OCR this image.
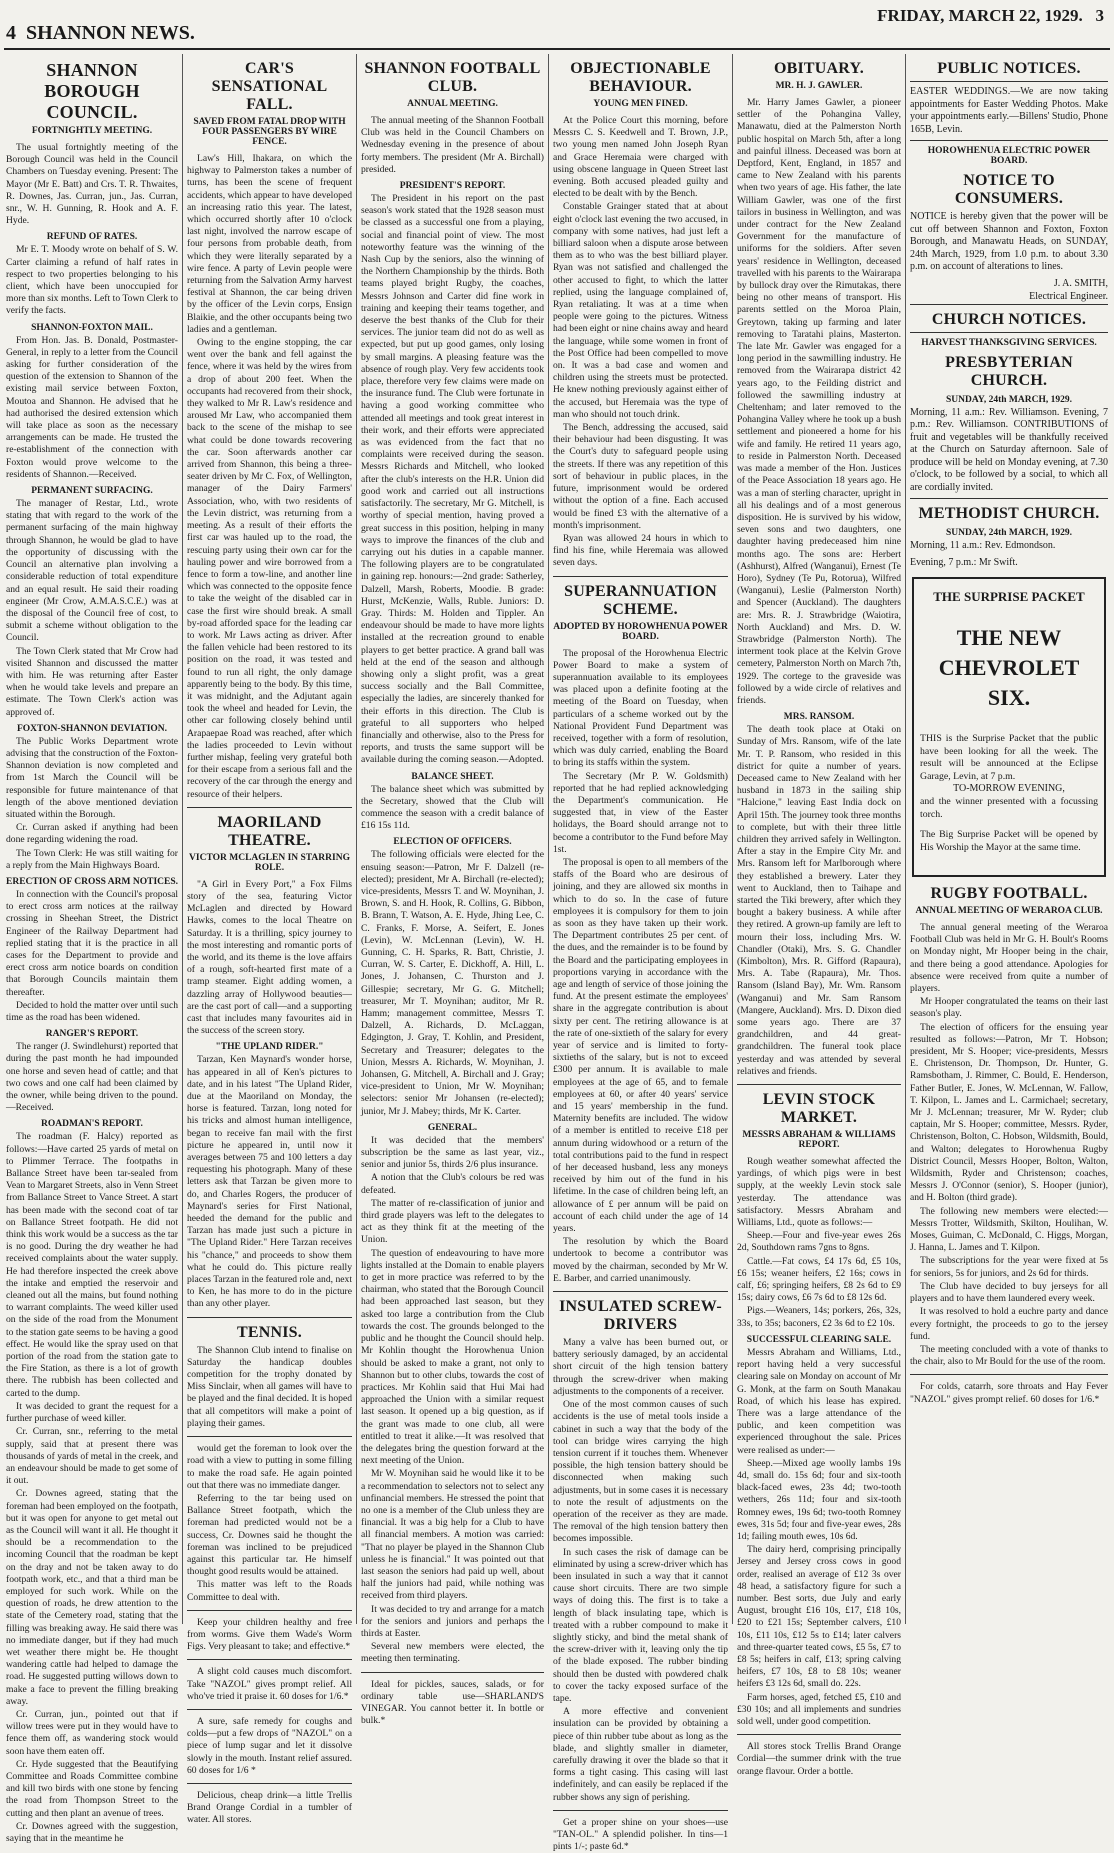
4 SHANNON NEWS.
FRIDAY, MARCH 22, 1929. 3
SHANNON BOROUGH COUNCIL.
FORTNIGHTLY MEETING.

The usual fortnightly meeting of the Borough Council was held in the Council Chambers on Tuesday evening. Present: The Mayor (Mr E. Batt) and Crs. T. R. Thwaites, R. Downes, Jas. Curran, jun., Jas. Curran, snr., W. H. Gunning, R. Hook and A. F. Hyde.

REFUND OF RATES.

Mr E. T. Moody wrote on behalf of S. W. Carter claiming a refund of half rates in respect to two properties belonging to his client, which have been unoccupied for more than six months. Left to Town Clerk to verify the facts.

SHANNON-FOXTON MAIL.

From Hon. Jas. B. Donald, Postmaster-General, in reply to a letter from the Council asking for further consideration of the question of the extension to Shannon of the existing mail service between Foxton, Moutoa and Shannon. He advised that he had authorised the desired extension which will take place as soon as the necessary arrangements can be made. He trusted the re-establishment of the connection with Foxton would prove welcome to the residents of Shannon.—Received.

PERMANENT SURFACING.

The manager of Restar, Ltd., wrote stating that with regard to the work of the permanent surfacing of the main highway through Shannon, he would be glad to have the opportunity of discussing with the Council an alternative plan involving a considerable reduction of total expenditure and an equal result. He said their roading engineer (Mr Crow, A.M.A.S.C.E.) was at the disposal of the Council free of cost, to submit a scheme without obligation to the Council.

The Town Clerk stated that Mr Crow had visited Shannon and discussed the matter with him. He was returning after Easter when he would take levels and prepare an estimate. The Town Clerk's action was approved of.

FOXTON-SHANNON DEVIATION.

The Public Works Department wrote advising that the construction of the Foxton-Shannon deviation is now completed and from 1st March the Council will be responsible for future maintenance of that length of the above mentioned deviation situated within the Borough.

Cr. Curran asked if anything had been done regarding widening the road.

The Town Clerk: He was still waiting for a reply from the Main Highways Board.

ERECTION OF CROSS ARM NOTICES.

In connection with the Council's proposal to erect cross arm notices at the railway crossing in Sheehan Street, the District Engineer of the Railway Department had replied stating that it is the practice in all cases for the Department to provide and erect cross arm notice boards on condition that Borough Councils maintain them thereafter.

Decided to hold the matter over until such time as the road has been widened.

RANGER'S REPORT.

The ranger (J. Swindlehurst) reported that during the past month he had impounded one horse and seven head of cattle; and that two cows and one calf had been claimed by the owner, while being driven to the pound.—Received.

ROADMAN'S REPORT.

The roadman (F. Halcy) reported as follows:—Have carted 25 yards of metal on to Plimmer Terrace. The footpaths in Ballance Street have been tar-sealed from Vean to Margaret Streets, also in Venn Street from Ballance Street to Vance Street. A start has been made with the second coat of tar on Ballance Street footpath. He did not think this work would be a success as the tar is no good. During the dry weather he had received complaints about the water supply. He had therefore inspected the creek above the intake and emptied the reservoir and cleaned out all the mains, but found nothing to warrant complaints. The weed killer used on the side of the road from the Monument to the station gate seems to be having a good effect. He would like the spray used on that portion of the road from the station gate to the Fire Station, as there is a lot of growth there. The rubbish has been collected and carted to the dump.

It was decided to grant the request for a further purchase of weed killer.

Cr. Curran, snr., referring to the metal supply, said that at present there was thousands of yards of metal in the creek, and an endeavour should be made to get some of it out.

Cr. Downes agreed, stating that the foreman had been employed on the footpath, but it was open for anyone to get metal out as the Council will want it all. He thought it should be a recommendation to the incoming Council that the roadman be kept on the dray and not be taken away to do footpath work, etc., and that a third man be employed for such work. While on the question of roads, he drew attention to the state of the Cemetery road, stating that the filling was breaking away. He said there was no immediate danger, but if they had much wet weather there might be. He thought wandering cattle had helped to damage the road. He suggested putting willows down to make a face to prevent the filling breaking away.

Cr. Curran, jun., pointed out that if willow trees were put in they would have to fence them off, as wandering stock would soon have them eaten off.

Cr. Hyde suggested that the Beautifying Committee and Roads Committee combine and kill two birds with one stone by fencing the road from Thompson Street to the cutting and then plant an avenue of trees.

Cr. Downes agreed with the suggestion, saying that in the meantime he

CAR'S SENSATIONAL FALL.
SAVED FROM FATAL DROP WITH FOUR PASSENGERS BY WIRE FENCE.

Law's Hill, Ihakara, on which the highway to Palmerston takes a number of turns, has been the scene of frequent accidents, which appear to have developed an increasing ratio this year. The latest, which occurred shortly after 10 o'clock last night, involved the narrow escape of four persons from probable death, from which they were literally separated by a wire fence. A party of Levin people were returning from the Salvation Army harvest festival at Shannon, the car being driven by the officer of the Levin corps, Ensign Blaikie, and the other occupants being two ladies and a gentleman.

Owing to the engine stopping, the car went over the bank and fell against the fence, where it was held by the wires from a drop of about 200 feet. When the occupants had recovered from their shock, they walked to Mr R. Law's residence and aroused Mr Law, who accompanied them back to the scene of the mishap to see what could be done towards recovering the car. Soon afterwards another car arrived from Shannon, this being a three-seater driven by Mr C. Fox, of Wellington, manager of the Dairy Farmers' Association, who, with two residents of the Levin district, was returning from a meeting. As a result of their efforts the first car was hauled up to the road, the rescuing party using their own car for the hauling power and wire borrowed from a fence to form a tow-line, and another line which was connected to the opposite fence to take the weight of the disabled car in case the first wire should break. A small by-road afforded space for the leading car to work. Mr Laws acting as driver. After the fallen vehicle had been restored to its position on the road, it was tested and found to run all right, the only damage apparently being to the body. By this time, it was midnight, and the Adjutant again took the wheel and headed for Levin, the other car following closely behind until Arapaepae Road was reached, after which the ladies proceeded to Levin without further mishap, feeling very grateful both for their escape from a serious fall and the recovery of the car through the energy and resource of their helpers.

MAORILAND THEATRE.
VICTOR MCLAGLEN IN STARRING ROLE.

"A Girl in Every Port," a Fox Films story of the sea, featuring Victor McLaglen and directed by Howard Hawks, comes to the local Theatre on Saturday. It is a thrilling, spicy journey to the most interesting and romantic ports of the world, and its theme is the love affairs of a rough, soft-hearted first mate of a tramp steamer. Eight adding women, a dazzling array of Hollywood beauties—are the cast port of call—and a supporting cast that includes many favourites aid in the success of the screen story.

"THE UPLAND RIDER."

Tarzan, Ken Maynard's wonder horse, has appeared in all of Ken's pictures to date, and in his latest "The Upland Rider, due at the Maoriland on Monday, the horse is featured. Tarzan, long noted for his tricks and almost human intelligence, began to receive fan mail with the first picture he appeared in, until now it averages between 75 and 100 letters a day requesting his photograph. Many of these letters ask that Tarzan be given more to do, and Charles Rogers, the producer of Maynard's series for First National, heeded the demand for the public and Tarzan has made just such a picture in "The Upland Rider." Here Tarzan receives his "chance," and proceeds to show them what he could do. This picture really places Tarzan in the featured role and, next to Ken, he has more to do in the picture than any other player.

TENNIS.

The Shannon Club intend to finalise on Saturday the handicap doubles competition for the trophy donated by Miss Sinclair, when all games will have to be played and the final decided. It is hoped that all competitors will make a point of playing their games.

would get the foreman to look over the road with a view to putting in some filling to make the road safe. He again pointed out that there was no immediate danger.

Referring to the tar being used on Ballance Street footpath, which the foreman had predicted would not be a success, Cr. Downes said he thought the foreman was inclined to be prejudiced against this particular tar. He himself thought good results would be attained.

This matter was left to the Roads Committee to deal with.

Keep your children healthy and free from worms. Give them Wade's Worm Figs. Very pleasant to take; and effective.*

A slight cold causes much discomfort. Take "NAZOL" gives prompt relief. All who've tried it praise it. 60 doses for 1/6.*

A sure, safe remedy for coughs and colds—put a few drops of "NAZOL" on a piece of lump sugar and let it dissolve slowly in the mouth. Instant relief assured. 60 doses for 1/6 *

Delicious, cheap drink—a little Trellis Brand Orange Cordial in a tumbler of water. All stores.

SHANNON FOOTBALL CLUB.
ANNUAL MEETING.

The annual meeting of the Shannon Football Club was held in the Council Chambers on Wednesday evening in the presence of about forty members. The president (Mr A. Birchall) presided.

PRESIDENT'S REPORT.

The President in his report on the past season's work stated that the 1928 season must be classed as a successful one from a playing, social and financial point of view. The most noteworthy feature was the winning of the Nash Cup by the seniors, also the winning of the Northern Championship by the thirds. Both teams played bright Rugby, the coaches, Messrs Johnson and Carter did fine work in training and keeping their teams together, and deserve the best thanks of the Club for their services. The junior team did not do as well as expected, but put up good games, only losing by small margins. A pleasing feature was the absence of rough play. Very few accidents took place, therefore very few claims were made on the insurance fund. The Club were fortunate in having a good working committee who attended all meetings and took great interest in their work, and their efforts were appreciated as was evidenced from the fact that no complaints were received during the season. Messrs Richards and Mitchell, who looked after the club's interests on the H.R. Union did good work and carried out all instructions satisfactorily. The secretary, Mr G. Mitchell, is worthy of special mention, having proved a great success in this position, helping in many ways to improve the finances of the club and carrying out his duties in a capable manner. The following players are to be congratulated in gaining rep. honours:—2nd grade: Satherley, Dalzell, Marsh, Roberts, Moodie. B grade: Hurst, McKenzie, Walls, Ruble. Juniors: D. Gray. Thirds: M. Holden and Tippler. An endeavour should be made to have more lights installed at the recreation ground to enable players to get better practice. A grand ball was held at the end of the season and although showing only a slight profit, was a great success socially and the Ball Committee, especially the ladies, are sincerely thanked for their efforts in this direction. The Club is grateful to all supporters who helped financially and otherwise, also to the Press for reports, and trusts the same support will be available during the coming season.—Adopted.

BALANCE SHEET.

The balance sheet which was submitted by the Secretary, showed that the Club will commence the season with a credit balance of £16 15s 11d.

ELECTION OF OFFICERS.

The following officials were elected for the ensuing season:—Patron, Mr F. Dalzell (re-elected); president, Mr A. Birchall (re-elected); vice-presidents, Messrs T. and W. Moynihan, J. Brown, S. and H. Hook, R. Collins, G. Bibbon, B. Brann, T. Watson, A. E. Hyde, Jhing Lee, C. C. Franks, F. Morse, A. Seifert, E. Jones (Levin), W. McLennan (Levin), W. H. Gunning, C. H. Sparks, R. Batt, Christie, J. Curran, W. S. Carter, E. Dickhoff, A. Hill, L. Jones, J. Johansen, C. Thurston and J. Gillespie; secretary, Mr G. G. Mitchell; treasurer, Mr T. Moynihan; auditor, Mr R. Hamm; management committee, Messrs T. Dalzell, A. Richards, D. McLaggan, Edgington, J. Gray, T. Kohlin, and President, Secretary and Treasurer; delegates to the Union, Messrs A. Richards, W. Moynihan, J. Johansen, G. Mitchell, A. Birchall and J. Gray; vice-president to Union, Mr W. Moynihan; selectors: senior Mr Johansen (re-elected); junior, Mr J. Mabey; thirds, Mr K. Carter.

GENERAL.

It was decided that the members' subscription be the same as last year, viz., senior and junior 5s, thirds 2/6 plus insurance.

A notion that the Club's colours be red was defeated.

The matter of re-classification of junior and third grade players was left to the delegates to act as they think fit at the meeting of the Union.

The question of endeavouring to have more lights installed at the Domain to enable players to get in more practice was referred to by the chairman, who stated that the Borough Council had been approached last season, but they asked too large a contribution from the Club towards the cost. The grounds belonged to the public and he thought the Council should help. Mr Kohlin thought the Horowhenua Union should be asked to make a grant, not only to Shannon but to other clubs, towards the cost of practices. Mr Kohlin said that Hui Mai had approached the Union with a similar request last season. It opened up a big question, as if the grant was made to one club, all were entitled to treat it alike.—It was resolved that the delegates bring the question forward at the next meeting of the Union.

Mr W. Moynihan said he would like it to be a recommendation to selectors not to select any unfinancial members. He stressed the point that no one is a member of the Club unless they are financial. It was a big help for a Club to have all financial members. A motion was carried: "That no player be played in the Shannon Club unless he is financial." It was pointed out that last season the seniors had paid up well, about half the juniors had paid, while nothing was received from third players.

It was decided to try and arrange for a match for the seniors and juniors and perhaps the thirds at Easter.

Several new members were elected, the meeting then terminating.

Ideal for pickles, sauces, salads, or for ordinary table use—SHARLAND'S VINEGAR. You cannot better it. In bottle or bulk.*

OBJECTIONABLE BEHAVIOUR.
YOUNG MEN FINED.

At the Police Court this morning, before Messrs C. S. Keedwell and T. Brown, J.P., two young men named John Joseph Ryan and Grace Heremaia were charged with using obscene language in Queen Street last evening. Both accused pleaded guilty and elected to be dealt with by the Bench.

Constable Grainger stated that at about eight o'clock last evening the two accused, in company with some natives, had just left a billiard saloon when a dispute arose between them as to who was the best billiard player. Ryan was not satisfied and challenged the other accused to fight, to which the latter replied, using the language complained of, Ryan retaliating. It was at a time when people were going to the pictures. Witness had been eight or nine chains away and heard the language, while some women in front of the Post Office had been compelled to move on. It was a bad case and women and children using the streets must be protected. He knew nothing previously against either of the accused, but Heremaia was the type of man who should not touch drink.

The Bench, addressing the accused, said their behaviour had been disgusting. It was the Court's duty to safeguard people using the streets. If there was any repetition of this sort of behaviour in public places, in the future, imprisonment would be ordered without the option of a fine. Each accused would be fined £3 with the alternative of a month's imprisonment.

Ryan was allowed 24 hours in which to find his fine, while Heremaia was allowed seven days.

SUPERANNUATION SCHEME.
ADOPTED BY HOROWHENUA POWER BOARD.

The proposal of the Horowhenua Electric Power Board to make a system of superannuation available to its employees was placed upon a definite footing at the meeting of the Board on Tuesday, when particulars of a scheme worked out by the National Provident Fund Department was received, together with a form of resolution, which was duly carried, enabling the Board to bring its staffs within the system.

The Secretary (Mr P. W. Goldsmith) reported that he had replied acknowledging the Department's communication. He suggested that, in view of the Easter holidays, the Board should arrange not to become a contributor to the Fund before May 1st.

The proposal is open to all members of the staffs of the Board who are desirous of joining, and they are allowed six months in which to do so. In the case of future employees it is compulsory for them to join as soon as they have taken up their work. The Department contributes 25 per cent. of the dues, and the remainder is to be found by the Board and the participating employees in proportions varying in accordance with the age and length of service of those joining the fund. At the present estimate the employees' share in the aggregate contribution is about sixty per cent. The retiring allowance is at the rate of one-sixtieth of the salary for every year of service and is limited to forty-sixtieths of the salary, but is not to exceed £300 per annum. It is available to male employees at the age of 65, and to female employees at 60, or after 40 years' service and 15 years' membership in the fund. Maternity benefits are included. The widow of a member is entitled to receive £18 per annum during widowhood or a return of the total contributions paid to the fund in respect of her deceased husband, less any moneys received by him out of the fund in his lifetime. In the case of children being left, an allowance of £ per annum will be paid on account of each child under the age of 14 years.

The resolution by which the Board undertook to become a contributor was moved by the chairman, seconded by Mr W. E. Barber, and carried unanimously.

INSULATED SCREW-DRIVERS

Many a valve has been burned out, or battery seriously damaged, by an accidental short circuit of the high tension battery through the screw-driver when making adjustments to the components of a receiver.

One of the most common causes of such accidents is the use of metal tools inside a cabinet in such a way that the body of the tool can bridge wires carrying the high tension current if it touches them. Whenever possible, the high tension battery should be disconnected when making such adjustments, but in some cases it is necessary to note the result of adjustments on the operation of the receiver as they are made. The removal of the high tension battery then becomes impossible.

In such cases the risk of damage can be eliminated by using a screw-driver which has been insulated in such a way that it cannot cause short circuits. There are two simple ways of doing this. The first is to take a length of black insulating tape, which is treated with a rubber compound to make it slightly sticky, and bind the metal shank of the screw-driver with it, leaving only the tip of the blade exposed. The rubber binding should then be dusted with powdered chalk to cover the tacky exposed surface of the tape.

A more effective and convenient insulation can be provided by obtaining a piece of thin rubber tube about as long as the blade, and slightly smaller in diameter, carefully drawing it over the blade so that it forms a tight casing. This casing will last indefinitely, and can easily be replaced if the rubber shows any sign of perishing.

Get a proper shine on your shoes—use "TAN-OL." A splendid polisher. In tins—1 pints 1/-; paste 6d.*

OBITUARY.
MR. H. J. GAWLER.

Mr. Harry James Gawler, a pioneer settler of the Pohangina Valley, Manawatu, died at the Palmerston North public hospital on March 5th, after a long and painful illness. Deceased was born at Deptford, Kent, England, in 1857 and came to New Zealand with his parents when two years of age. His father, the late William Gawler, was one of the first tailors in business in Wellington, and was under contract for the New Zealand Government for the manufacture of uniforms for the soldiers. After seven years' residence in Wellington, deceased travelled with his parents to the Wairarapa by bullock dray over the Rimutakas, there being no other means of transport. His parents settled on the Moroa Plain, Greytown, taking up farming and later removing to Taratahi plains, Masterton. The late Mr. Gawler was engaged for a long period in the sawmilling industry. He removed from the Wairarapa district 42 years ago, to the Feilding district and followed the sawmilling industry at Cheltenham; and later removed to the Pohangina Valley where he took up a bush settlement and pioneered a home for his wife and family. He retired 11 years ago, to reside in Palmerston North. Deceased was made a member of the Hon. Justices of the Peace Association 18 years ago. He was a man of sterling character, upright in all his dealings and of a most generous disposition. He is survived by his widow, seven sons and two daughters, one daughter having predeceased him nine months ago. The sons are: Herbert (Ashhurst), Alfred (Wanganui), Ernest (Te Horo), Sydney (Te Pu, Rotorua), Wilfred (Wanganui), Leslie (Palmerston North) and Spencer (Auckland). The daughters are: Mrs. R. J. Strawbridge (Waiotira, North Auckland) and Mrs. D. W. Strawbridge (Palmerston North). The interment took place at the Kelvin Grove cemetery, Palmerston North on March 7th, 1929. The cortege to the graveside was followed by a wide circle of relatives and friends.

MRS. RANSOM.

The death took place at Otaki on Sunday of Mrs. Ransom, wife of the late Mr. T. P. Ransom, who resided in this district for quite a number of years. Deceased came to New Zealand with her husband in 1873 in the sailing ship "Halcione," leaving East India dock on April 15th. The journey took three months to complete, but with their three little children they arrived safely in Wellington. After a stay in the Empire City Mr. and Mrs. Ransom left for Marlborough where they established a brewery. Later they went to Auckland, then to Taihape and started the Tiki brewery, after which they bought a bakery business. A while after they retired. A grown-up family are left to mourn their loss, including Mrs. W. Chandler (Otaki), Mrs. S. G. Chandler (Kimbolton), Mrs. R. Gifford (Rapaura), Mrs. A. Tabe (Rapaura), Mr. Thos. Ransom (Island Bay), Mr. Wm. Ransom (Wanganui) and Mr. Sam Ransom (Mangere, Auckland). Mrs. D. Dixon died some years ago. There are 37 grandchildren, and 44 great-grandchildren. The funeral took place yesterday and was attended by several relatives and friends.

LEVIN STOCK MARKET.
MESSRS ABRAHAM & WILLIAMS REPORT.

Rough weather somewhat affected the yardings, of which pigs were in best supply, at the weekly Levin stock sale yesterday. The attendance was satisfactory. Messrs Abraham and Williams, Ltd., quote as follows:—

Sheep.—Four and five-year ewes 26s 2d, Southdown rams 7gns to 8gns.

Cattle.—Fat cows, £4 17s 6d, £5 10s, £6 15s; weaner heifers, £2 16s; cows in calf, £6; springing heifers, £8 2s 6d to £9 15s; dairy cows, £6 7s 6d to £8 12s 6d.

Pigs.—Weaners, 14s; porkers, 26s, 32s, 33s, to 35s; baconers, £2 3s 6d to £2 10s.

SUCCESSFUL CLEARING SALE.

Messrs Abraham and Williams, Ltd., report having held a very successful clearing sale on Monday on account of Mr G. Monk, at the farm on South Manakau Road, of which his lease has expired. There was a large attendance of the public, and keen competition was experienced throughout the sale. Prices were realised as under:—

Sheep.—Mixed age woolly lambs 19s 4d, small do. 15s 6d; four and six-tooth black-faced ewes, 23s 4d; two-tooth wethers, 26s 11d; four and six-tooth Romney ewes, 19s 6d; two-tooth Romney ewes, 31s 5d; four and five-year ewes, 28s 1d; failing mouth ewes, 10s 6d.

The dairy herd, comprising principally Jersey and Jersey cross cows in good order, realised an average of £12 3s over 48 head, a satisfactory figure for such a number. Best sorts, due July and early August, brought £16 10s, £17, £18 10s, £20 to £21 15s; September calvers, £10 10s, £11 10s, £12 5s to £14; later calvers and three-quarter teated cows, £5 5s, £7 to £8 5s; heifers in calf, £13; spring calving heifers, £7 10s, £8 to £8 10s; weaner heifers £3 12s 6d, small do. 22s.

Farm horses, aged, fetched £5, £10 and £30 10s; and all implements and sundries sold well, under good competition.

All stores stock Trellis Brand Orange Cordial—the summer drink with the true orange flavour. Order a bottle.

PUBLIC NOTICES.

EASTER WEDDINGS.—We are now taking appointments for Easter Wedding Photos. Make your appointments early.—Billens' Studio, Phone 165B, Levin.

HOROWHENUA ELECTRIC POWER BOARD.
NOTICE TO CONSUMERS.

NOTICE is hereby given that the power will be cut off between Shannon and Foxton, Foxton Borough, and Manawatu Heads, on SUNDAY, 24th March, 1929, from 1.0 p.m. to about 3.30 p.m. on account of alterations to lines.

J. A. SMITH,
Electrical Engineer.
CHURCH NOTICES.
HARVEST THANKSGIVING SERVICES.
PRESBYTERIAN CHURCH.
SUNDAY, 24th MARCH, 1929.

Morning, 11 a.m.: Rev. Williamson. Evening, 7 p.m.: Rev. Williamson. CONTRIBUTIONS of fruit and vegetables will be thankfully received at the Church on Saturday afternoon. Sale of produce will be held on Monday evening, at 7.30 o'clock, to be followed by a social, to which all are cordially invited.

METHODIST CHURCH.
SUNDAY, 24th MARCH, 1929.

Morning, 11 a.m.: Rev. Edmondson.

Evening, 7 p.m.: Mr Swift.

THE SURPRISE PACKET
THE NEW
CHEVROLET
SIX.
THIS is the Surprise Packet that the public have been looking for all the week. The result will be announced at the Eclipse Garage, Levin, at 7 p.m.
TO-MORROW EVENING,
and the winner presented with a focussing torch.
The Big Surprise Packet will be opened by His Worship the Mayor at the same time.
RUGBY FOOTBALL.
ANNUAL MEETING OF WERAROA CLUB.

The annual general meeting of the Weraroa Football Club was held in Mr G. H. Boult's Rooms on Monday night, Mr Hooper being in the chair, and there being a good attendance. Apologies for absence were received from quite a number of players.

Mr Hooper congratulated the teams on their last season's play.

The election of officers for the ensuing year resulted as follows:—Patron, Mr T. Hobson; president, Mr S. Hooper; vice-presidents, Messrs E. Christenson, Dr. Thompson, Dr. Hunter, G. Ramsbotham, J. Rimmer, C. Bould, E. Henderson, Father Butler, E. Jones, W. McLennan, W. Fallow, T. Kilpon, L. James and L. Carmichael; secretary, Mr J. McLennan; treasurer, Mr W. Ryder; club captain, Mr S. Hooper; committee, Messrs. Ryder, Christenson, Bolton, C. Hobson, Wildsmith, Bould, and Walton; delegates to Horowhenua Rugby District Council, Messrs Hooper, Bolton, Walton, Wildsmith, Ryder and Christenson; coaches, Messrs J. O'Connor (senior), S. Hooper (junior), and H. Bolton (third grade).

The following new members were elected:—Messrs Trotter, Wildsmith, Skilton, Houlihan, W. Moses, Guiman, C. McDonald, C. Higgs, Morgan, J. Hanna, L. James and T. Kilpon.

The subscriptions for the year were fixed at 5s for seniors, 5s for juniors, and 2s 6d for thirds.

The Club have decided to buy jerseys for all players and to have them laundered every week.

It was resolved to hold a euchre party and dance every fortnight, the proceeds to go to the jersey fund.

The meeting concluded with a vote of thanks to the chair, also to Mr Bould for the use of the room.

For colds, catarrh, sore throats and Hay Fever "NAZOL" gives prompt relief. 60 doses for 1/6.*
